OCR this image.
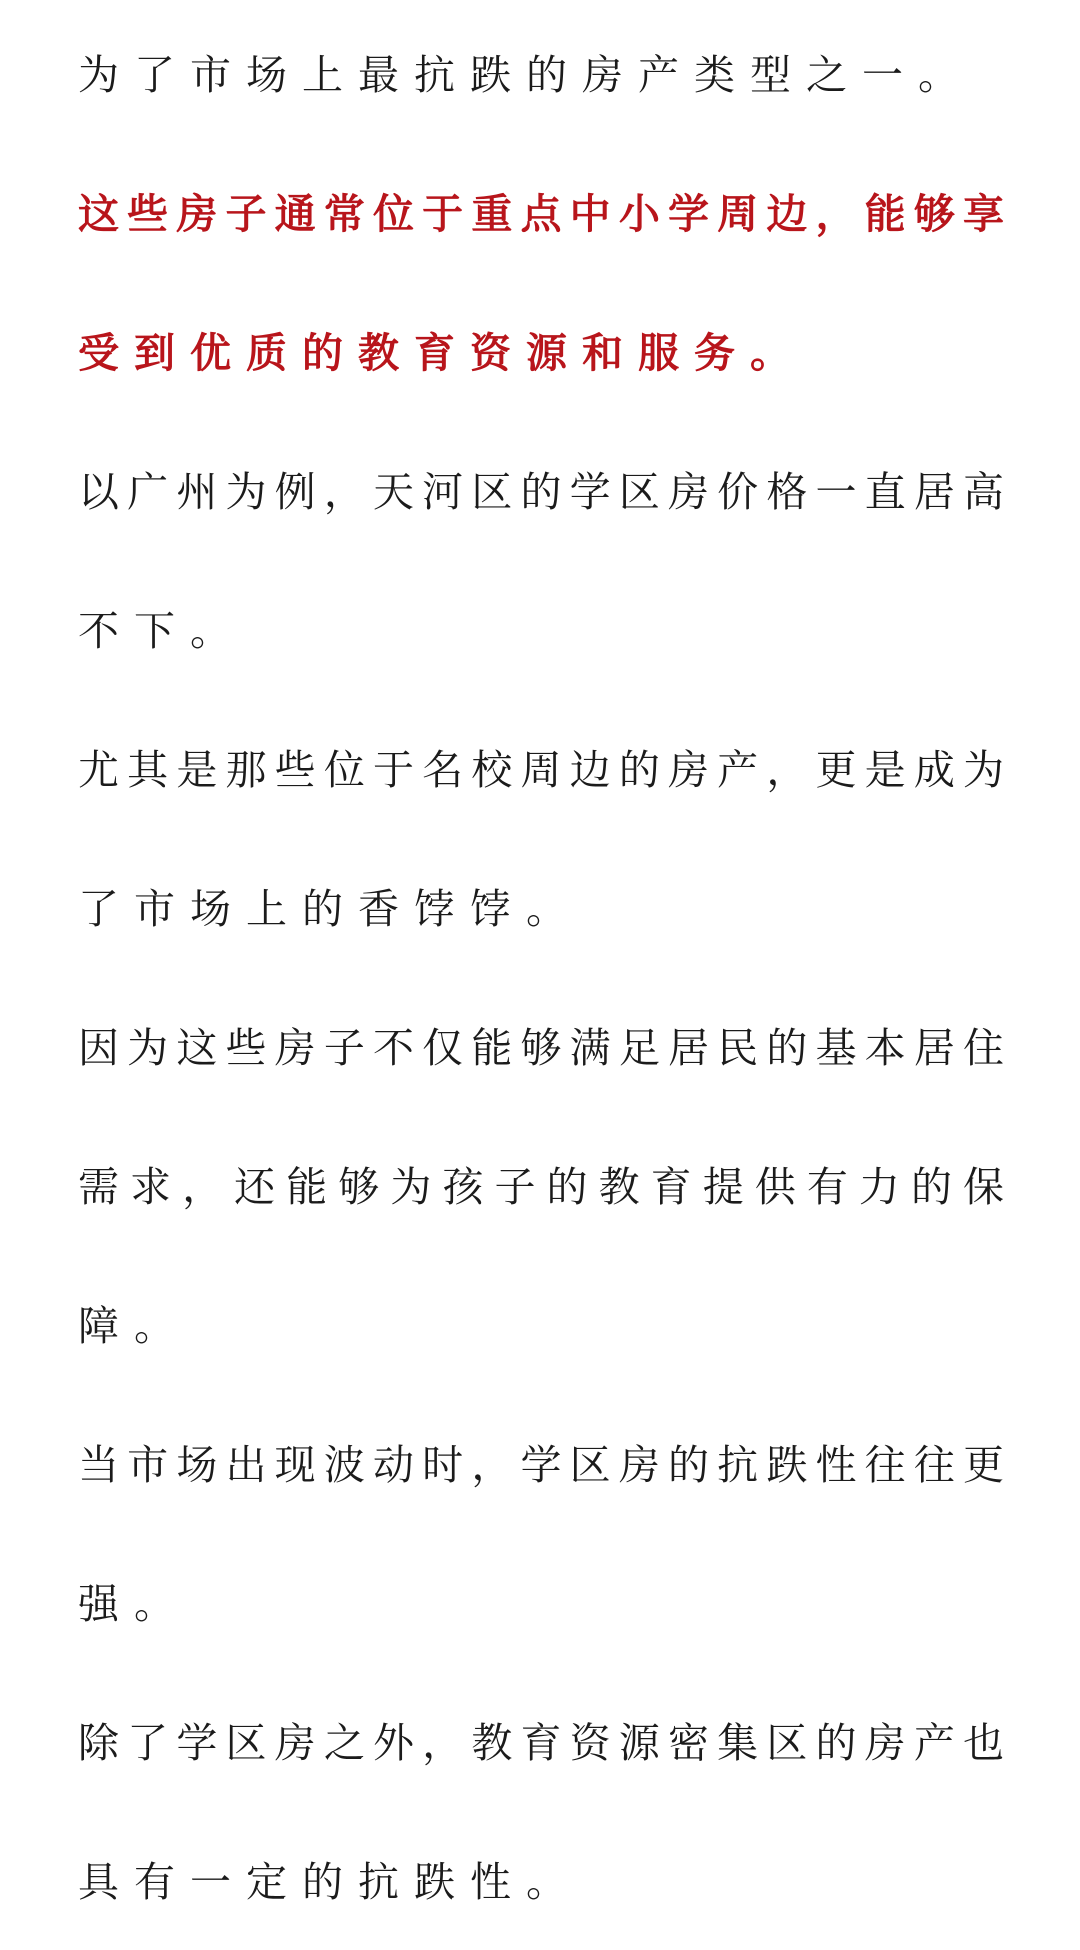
为了市场上最抗跌的房产类型之一。
这些房子通常位于重点中小学周边，能够享
受到优质的教育资源和服务。
以广州为例，天河区的学区房价格一直居高
不下。
尤其是那些位于名校周边的房产，更是成为
了市场上的香饽饽。
因为这些房子不仅能够满足居民的基本居住
需求，还能够为孩子的教育提供有力的保
障。
当市场出现波动时，学区房的抗跌性往往更
强。
除了学区房之外，教育资源密集区的房产也
具有一定的抗跌性。
